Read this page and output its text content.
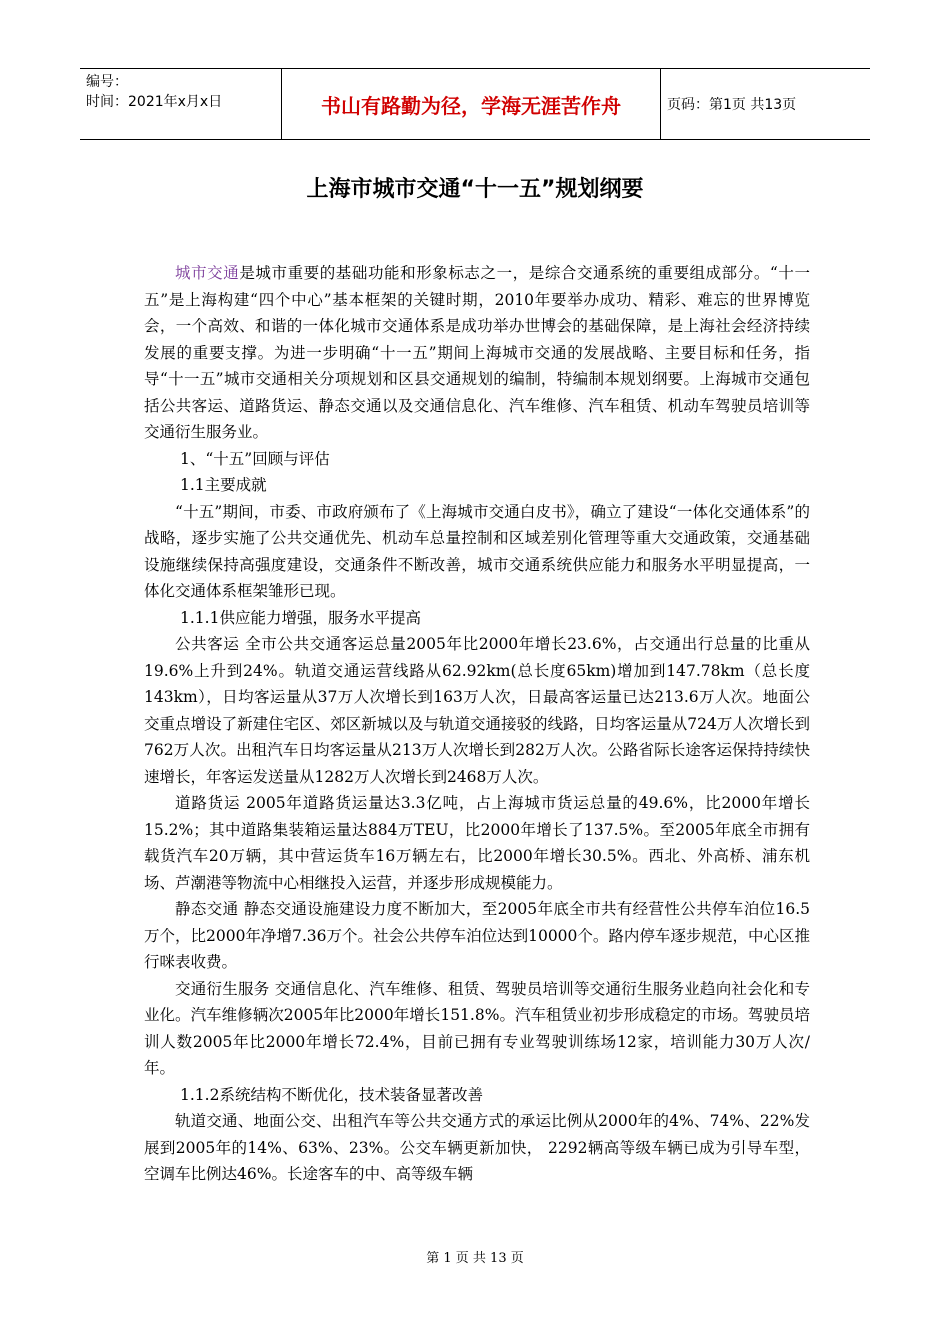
编号：
时间：2021年x月x日	书山有路勤为径，学海无涯苦作舟	页码：第1页 共13页
上海市城市交通“十一五”规划纲要

城市交通是城市重要的基础功能和形象标志之一，是综合交通系统的重要组成部分。“十一五”是上海构建“四个中心”基本框架的关键时期，2010年要举办成功、精彩、难忘的世界博览会，一个高效、和谐的一体化城市交通体系是成功举办世博会的基础保障，是上海社会经济持续发展的重要支撑。为进一步明确“十一五”期间上海城市交通的发展战略、主要目标和任务，指导“十一五”城市交通相关分项规划和区县交通规划的编制，特编制本规划纲要。上海城市交通包括公共客运、道路货运、静态交通以及交通信息化、汽车维修、汽车租赁、机动车驾驶员培训等交通衍生服务业。

1、“十五”回顾与评估

1.1主要成就

“十五”期间，市委、市政府颁布了《上海城市交通白皮书》，确立了建设“一体化交通体系”的战略，逐步实施了公共交通优先、机动车总量控制和区域差别化管理等重大交通政策，交通基础设施继续保持高强度建设，交通条件不断改善，城市交通系统供应能力和服务水平明显提高，一体化交通体系框架雏形已现。

1.1.1供应能力增强，服务水平提高

公共客运 全市公共交通客运总量2005年比2000年增长23.6%，占交通出行总量的比重从19.6%上升到24%。轨道交通运营线路从62.92km(总长度65km)增加到147.78km（总长度143km），日均客运量从37万人次增长到163万人次，日最高客运量已达213.6万人次。地面公交重点增设了新建住宅区、郊区新城以及与轨道交通接驳的线路，日均客运量从724万人次增长到762万人次。出租汽车日均客运量从213万人次增长到282万人次。公路省际长途客运保持持续快速增长，年客运发送量从1282万人次增长到2468万人次。

道路货运 2005年道路货运量达3.3亿吨，占上海城市货运总量的49.6%，比2000年增长15.2%；其中道路集装箱运量达884万TEU，比2000年增长了137.5%。至2005年底全市拥有载货汽车20万辆，其中营运货车16万辆左右，比2000年增长30.5%。西北、外高桥、浦东机场、芦潮港等物流中心相继投入运营，并逐步形成规模能力。

静态交通 静态交通设施建设力度不断加大，至2005年底全市共有经营性公共停车泊位16.5万个，比2000年净增7.36万个。社会公共停车泊位达到10000个。路内停车逐步规范，中心区推行咪表收费。

交通衍生服务 交通信息化、汽车维修、租赁、驾驶员培训等交通衍生服务业趋向社会化和专业化。汽车维修辆次2005年比2000年增长151.8%。汽车租赁业初步形成稳定的市场。驾驶员培训人数2005年比2000年增长72.4%，目前已拥有专业驾驶训练场12家，培训能力30万人次/年。

1.1.2系统结构不断优化，技术装备显著改善

轨道交通、地面公交、出租汽车等公共交通方式的承运比例从2000年的4%、74%、22%发展到2005年的14%、63%、23%。公交车辆更新加快， 2292辆高等级车辆已成为引导车型，空调车比例达46%。长途客车的中、高等级车辆

第 1 页 共 13 页
